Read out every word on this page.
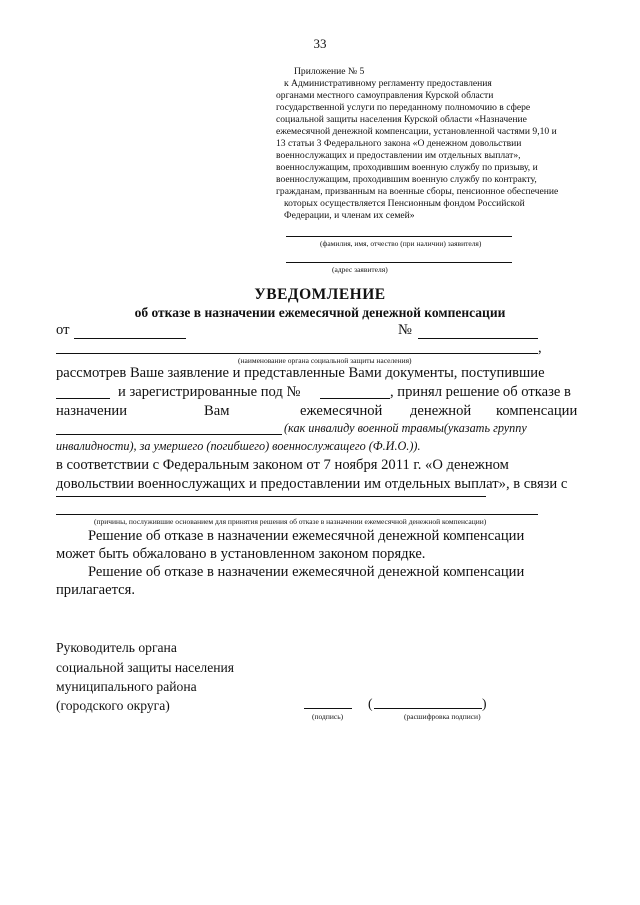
33
Приложение № 5
к Административному регламенту предоставления
органами местного самоуправления Курской области
государственной услуги по переданному полномочию в сфере
социальной защиты населения Курской области «Назначение
ежемесячной денежной компенсации, установленной частями 9,10 и
13 статьи 3 Федерального закона «О денежном довольствии
военнослужащих и предоставлении им отдельных выплат»,
военнослужащим, проходившим военную службу по призыву, и
военнослужащим, проходившим военную службу по контракту,
гражданам, призванным на военные сборы, пенсионное обеспечение
которых осуществляется Пенсионным фондом Российской
Федерации, и членам их семей»
(фамилия, имя, отчество (при наличии) заявителя)
(адрес заявителя)
УВЕДОМЛЕНИЕ
об отказе в назначении ежемесячной денежной компенсации
от	№
,
(наименование органа социальной защиты населения)
рассмотрев Ваше заявление и представленные Вами документы, поступившие
и зарегистрированные под №	, принял решение об отказе в
назначении	Вам	ежемесячной денежной компенсации
(как инвалиду военной травмы(указать группу
инвалидности), за умершего (погибшего) военнослужащего (Ф.И.О.)).
в соответствии с Федеральным законом от 7 ноября 2011 г. «О денежном
довольствии военнослужащих и предоставлении им отдельных выплат», в связи с
(причины, послужившие основанием для принятия решения об отказе в назначении ежемесячной денежной компенсации)
Решение об отказе в назначении ежемесячной денежной компенсации
может быть обжаловано в установленном законом порядке.
Решение об отказе в назначении ежемесячной денежной компенсации
прилагается.
Руководитель органа
социальной защиты населения
муниципального района
(городского округа)	(	)
(подпись)	(расшифровка подписи)
